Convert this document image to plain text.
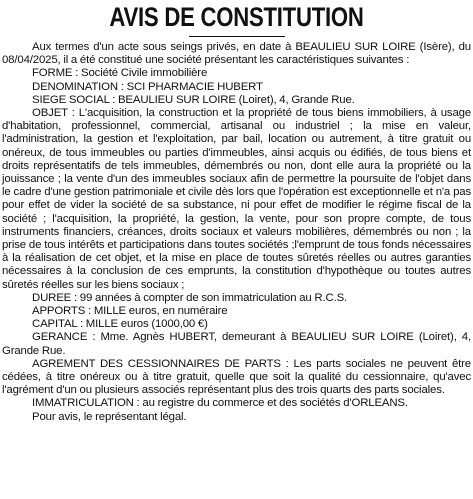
AVIS DE CONSTITUTION

Aux termes d'un acte sous seings privés, en date à BEAULIEU SUR LOIRE (Isère), du 08/04/2025, il a été constitué une société présentant les caractéristiques suivantes :

FORME : Société Civile immobilière

DENOMINATION : SCI PHARMACIE HUBERT

SIEGE SOCIAL : BEAULIEU SUR LOIRE (Loiret), 4, Grande Rue.

OBJET : L'acquisition, la construction et la propriété de tous biens immobiliers, à usage d'habitation, professionnel, commercial, artisanal ou industriel ; la mise en valeur, l'administration, la gestion et l'exploitation, par bail, location ou autrement, à titre gratuit ou onéreux, de tous immeubles ou parties d'immeubles, ainsi acquis ou édifiés, de tous biens et droits représentatifs de tels immeubles, démembrés ou non, dont elle aura la propriété ou la jouissance ; la vente d'un des immeubles sociaux afin de permettre la poursuite de l'objet dans le cadre d'une gestion patrimoniale et civile dès lors que l'opération est exceptionnelle et n'a pas pour effet de vider la société de sa substance, ni pour effet de modifier le régime fiscal de la société ; l'acquisition, la propriété, la gestion, la vente, pour son propre compte, de tous instruments financiers, créances, droits sociaux et valeurs mobilières, démembrés ou non ; la prise de tous intérêts et participations dans toutes sociétés ;l'emprunt de tous fonds nécessaires à la réalisation de cet objet, et la mise en place de toutes sûretés réelles ou autres garanties nécessaires à la conclusion de ces emprunts, la constitution d'hypothèque ou toutes autres sûretés réelles sur les biens sociaux ;

DUREE : 99 années à compter de son immatriculation au R.C.S.

APPORTS : MILLE euros, en numéraire

CAPITAL : MILLE euros (1000,00 €)

GERANCE : Mme. Agnès HUBERT, demeurant à BEAULIEU SUR LOIRE (Loiret), 4, Grande Rue.

AGREMENT DES CESSIONNAIRES DE PARTS : Les parts sociales ne peuvent être cédées, à titre onéreux ou à titre gratuit, quelle que soit la qualité du cessionnaire, qu'avec l'agrément d'un ou plusieurs associés représentant plus des trois quarts des parts sociales.

IMMATRICULATION : au registre du commerce et des sociétés d'ORLEANS.

Pour avis, le représentant légal.
